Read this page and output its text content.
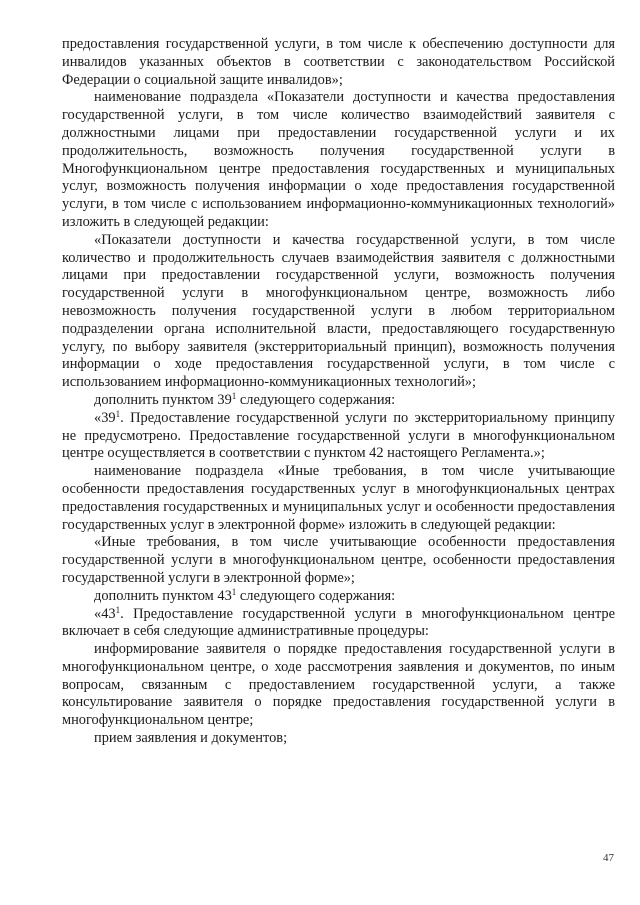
предоставления государственной услуги, в том числе к обеспечению доступности для инвалидов указанных объектов в соответствии с законодательством Российской Федерации о социальной защите инвалидов»;

наименование подраздела «Показатели доступности и качества предоставления государственной услуги, в том числе количество взаимодействий заявителя с должностными лицами при предоставлении государственной услуги и их продолжительность, возможность получения государственной услуги в Многофункциональном центре предоставления государственных и муниципальных услуг, возможность получения информации о ходе предоставления государственной услуги, в том числе с использованием информационно-коммуникационных технологий» изложить в следующей редакции:

«Показатели доступности и качества государственной услуги, в том числе количество и продолжительность случаев взаимодействия заявителя с должностными лицами при предоставлении государственной услуги, возможность получения государственной услуги в многофункциональном центре, возможность либо невозможность получения государственной услуги в любом территориальном подразделении органа исполнительной власти, предоставляющего государственную услугу, по выбору заявителя (экстерриториальный принцип), возможность получения информации о ходе предоставления государственной услуги, в том числе с использованием информационно-коммуникационных технологий»;

дополнить пунктом $39^1$ следующего содержания:

«$39^1$. Предоставление государственной услуги по экстерриториальному принципу не предусмотрено. Предоставление государственной услуги в многофункциональном центре осуществляется в соответствии с пунктом 42 настоящего Регламента.»;

наименование подраздела «Иные требования, в том числе учитывающие особенности предоставления государственных услуг в многофункциональных центрах предоставления государственных и муниципальных услуг и особенности предоставления государственных услуг в электронной форме» изложить в следующей редакции:

«Иные требования, в том числе учитывающие особенности предоставления государственной услуги в многофункциональном центре, особенности предоставления государственной услуги в электронной форме»;

дополнить пунктом $43^1$ следующего содержания:

«$43^1$. Предоставление государственной услуги в многофункциональном центре включает в себя следующие административные процедуры:

информирование заявителя о порядке предоставления государственной услуги в многофункциональном центре, о ходе рассмотрения заявления и документов, по иным вопросам, связанным с предоставлением государственной услуги, а также консультирование заявителя о порядке предоставления государственной услуги в многофункциональном центре;

прием заявления и документов;

47
